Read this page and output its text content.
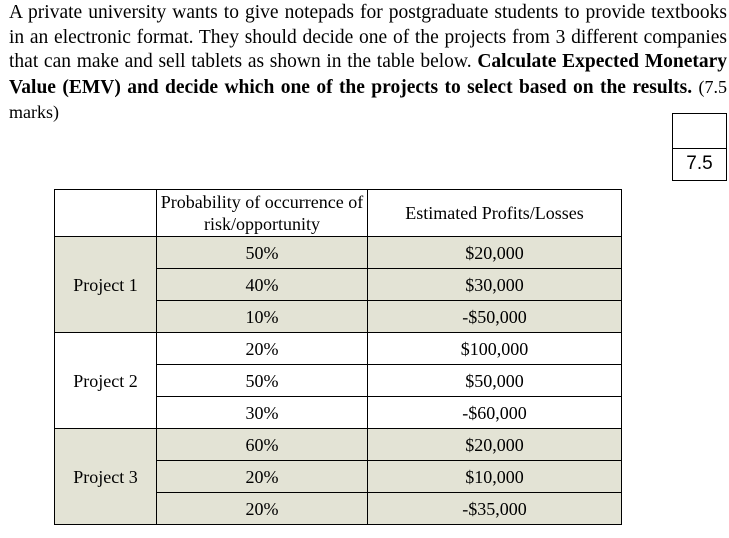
A private university wants to give notepads for postgraduate students to provide textbooks in an electronic format. They should decide one of the projects from 3 different companies that can make and sell tablets as shown in the table below. Calculate Expected Monetary Value (EMV) and decide which one of the projects to select based on the results. (7.5 marks)
7.5
	Probability of occurrence of risk/opportunity	Estimated Profits/Losses
Project 1	50%	$20,000
	40%	$30,000
	10%	-$50,000
Project 2	20%	$100,000
	50%	$50,000
	30%	-$60,000
Project 3	60%	$20,000
	20%	$10,000
	20%	-$35,000
